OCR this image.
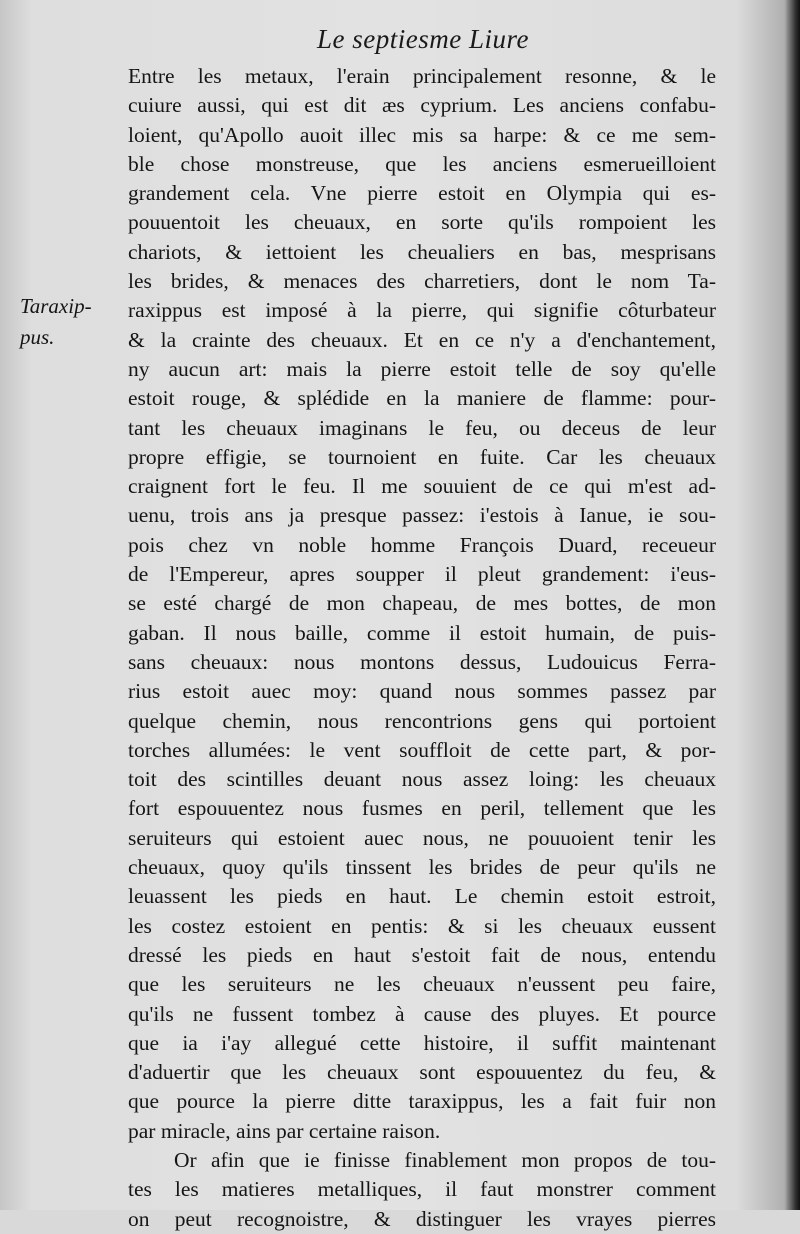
Le septiesme Liure
Taraxip-
pus.
Entre les metaux, l'erain principalement resonne, & le
cuiure aussi, qui est dit æs cyprium. Les anciens confabu-
loient, qu'Apollo auoit illec mis sa harpe: & ce me sem-
ble chose monstreuse, que les anciens esmerueilloient
grandement cela. Vne pierre estoit en Olympia qui es-
pouuentoit les cheuaux, en sorte qu'ils rompoient les
chariots, & iettoient les cheualiers en bas, mesprisans
les brides, & menaces des charretiers, dont le nom Ta-
raxippus est imposé à la pierre, qui signifie côturbateur
& la crainte des cheuaux. Et en ce n'y a d'enchantement,
ny aucun art: mais la pierre estoit telle de soy qu'elle
estoit rouge, & splédide en la maniere de flamme: pour-
tant les cheuaux imaginans le feu, ou deceus de leur
propre effigie, se tournoient en fuite. Car les cheuaux
craignent fort le feu. Il me souuient de ce qui m'est ad-
uenu, trois ans ja presque passez: i'estois à Ianue, ie sou-
pois chez vn noble homme François Duard, receueur
de l'Empereur, apres soupper il pleut grandement: i'eus-
se esté chargé de mon chapeau, de mes bottes, de mon
gaban. Il nous baille, comme il estoit humain, de puis-
sans cheuaux: nous montons dessus, Ludouicus Ferra-
rius estoit auec moy: quand nous sommes passez par
quelque chemin, nous rencontrions gens qui portoient
torches allumées: le vent souffloit de cette part, & por-
toit des scintilles deuant nous assez loing: les cheuaux
fort espouuentez nous fusmes en peril, tellement que les
seruiteurs qui estoient auec nous, ne pouuoient tenir les
cheuaux, quoy qu'ils tinssent les brides de peur qu'ils ne
leuassent les pieds en haut. Le chemin estoit estroit,
les costez estoient en pentis: & si les cheuaux eussent
dressé les pieds en haut s'estoit fait de nous, entendu
que les seruiteurs ne les cheuaux n'eussent peu faire,
qu'ils ne fussent tombez à cause des pluyes. Et pource
que ia i'ay allegué cette histoire, il suffit maintenant
d'aduertir que les cheuaux sont espouuentez du feu, &
que pource la pierre ditte taraxippus, les a fait fuir non
par miracle, ains par certaine raison.
Or afin que ie finisse finablement mon propos de tou-
tes les matieres metalliques, il faut monstrer comment
on peut recognoistre, & distinguer les vrayes pierres
